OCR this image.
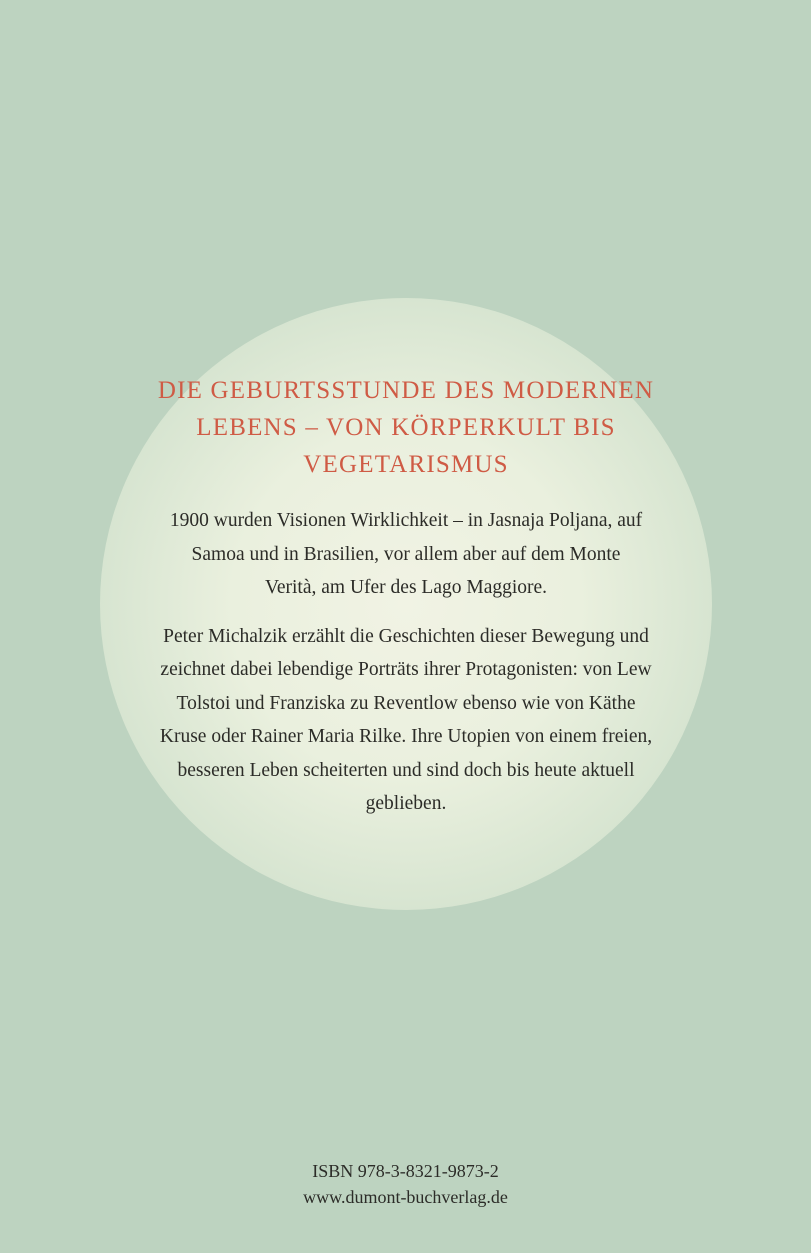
DIE GEBURTSSTUNDE DES MODERNEN LEBENS – VON KÖRPERKULT BIS VEGETARISMUS

1900 wurden Visionen Wirklichkeit – in Jasnaja Poljana, auf Samoa und in Brasilien, vor allem aber auf dem Monte Verità, am Ufer des Lago Maggiore.

Peter Michalzik erzählt die Geschichten dieser Bewegung und zeichnet dabei lebendige Porträts ihrer Protagonisten: von Lew Tolstoi und Franziska zu Reventlow ebenso wie von Käthe Kruse oder Rainer Maria Rilke. Ihre Utopien von einem freien, besseren Leben scheiterten und sind doch bis heute aktuell geblieben.

ISBN 978-3-8321-9873-2
www.dumont-buchverlag.de
